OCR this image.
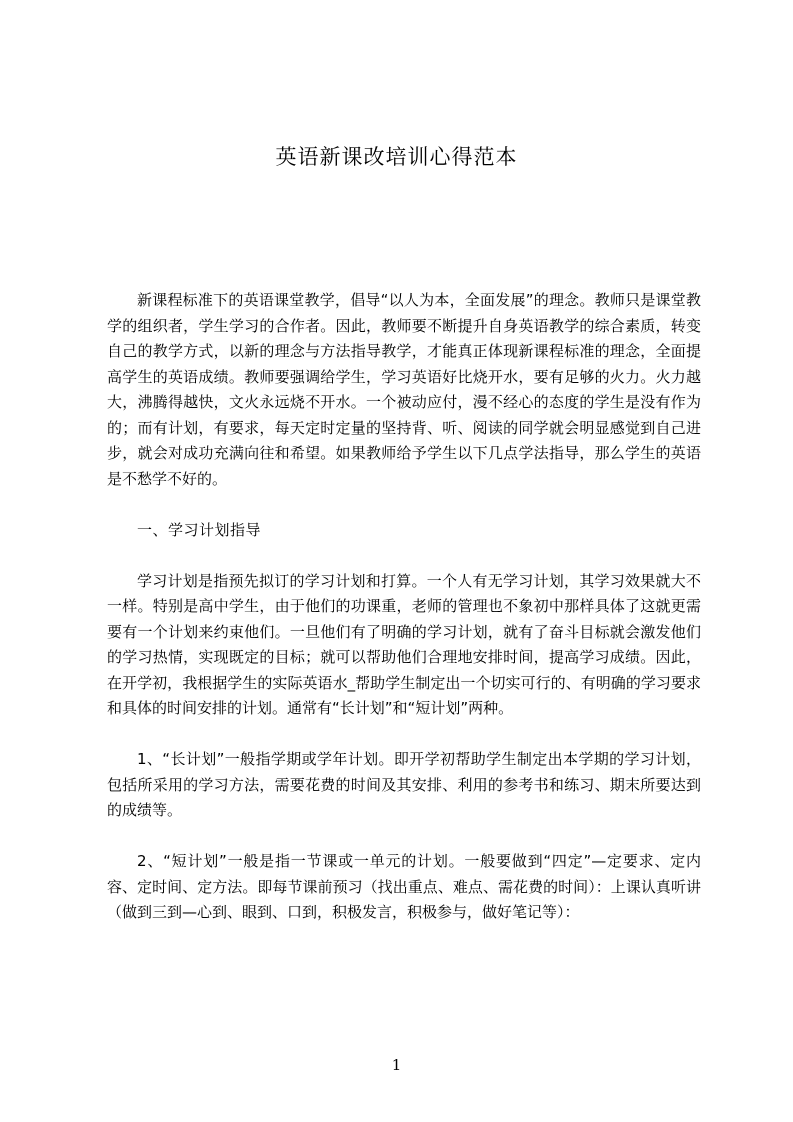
英语新课改培训心得范本

新课程标准下的英语课堂教学，倡导“以人为本，全面发展”的理念。教师只是课堂教学的组织者，学生学习的合作者。因此，教师要不断提升自身英语教学的综合素质，转变自己的教学方式，以新的理念与方法指导教学，才能真正体现新课程标准的理念，全面提高学生的英语成绩。教师要强调给学生，学习英语好比烧开水，要有足够的火力。火力越大，沸腾得越快，文火永远烧不开水。一个被动应付，漫不经心的态度的学生是没有作为的；而有计划，有要求，每天定时定量的坚持背、听、阅读的同学就会明显感觉到自己进步，就会对成功充满向往和希望。如果教师给予学生以下几点学法指导，那么学生的英语是不愁学不好的。

一、学习计划指导

学习计划是指预先拟订的学习计划和打算。一个人有无学习计划，其学习效果就大不一样。特别是高中学生，由于他们的功课重，老师的管理也不象初中那样具体了这就更需要有一个计划来约束他们。一旦他们有了明确的学习计划，就有了奋斗目标就会激发他们的学习热情，实现既定的目标；就可以帮助他们合理地安排时间，提高学习成绩。因此，在开学初，我根据学生的实际英语水_帮助学生制定出一个切实可行的、有明确的学习要求和具体的时间安排的计划。通常有“长计划”和“短计划”两种。

1、“长计划”一般指学期或学年计划。即开学初帮助学生制定出本学期的学习计划，包括所采用的学习方法，需要花费的时间及其安排、利用的参考书和练习、期末所要达到的成绩等。

2、“短计划”一般是指一节课或一单元的计划。一般要做到“四定”—定要求、定内容、定时间、定方法。即每节课前预习（找出重点、难点、需花费的时间）：上课认真听讲（做到三到—心到、眼到、口到，积极发言，积极参与，做好笔记等）：

1
